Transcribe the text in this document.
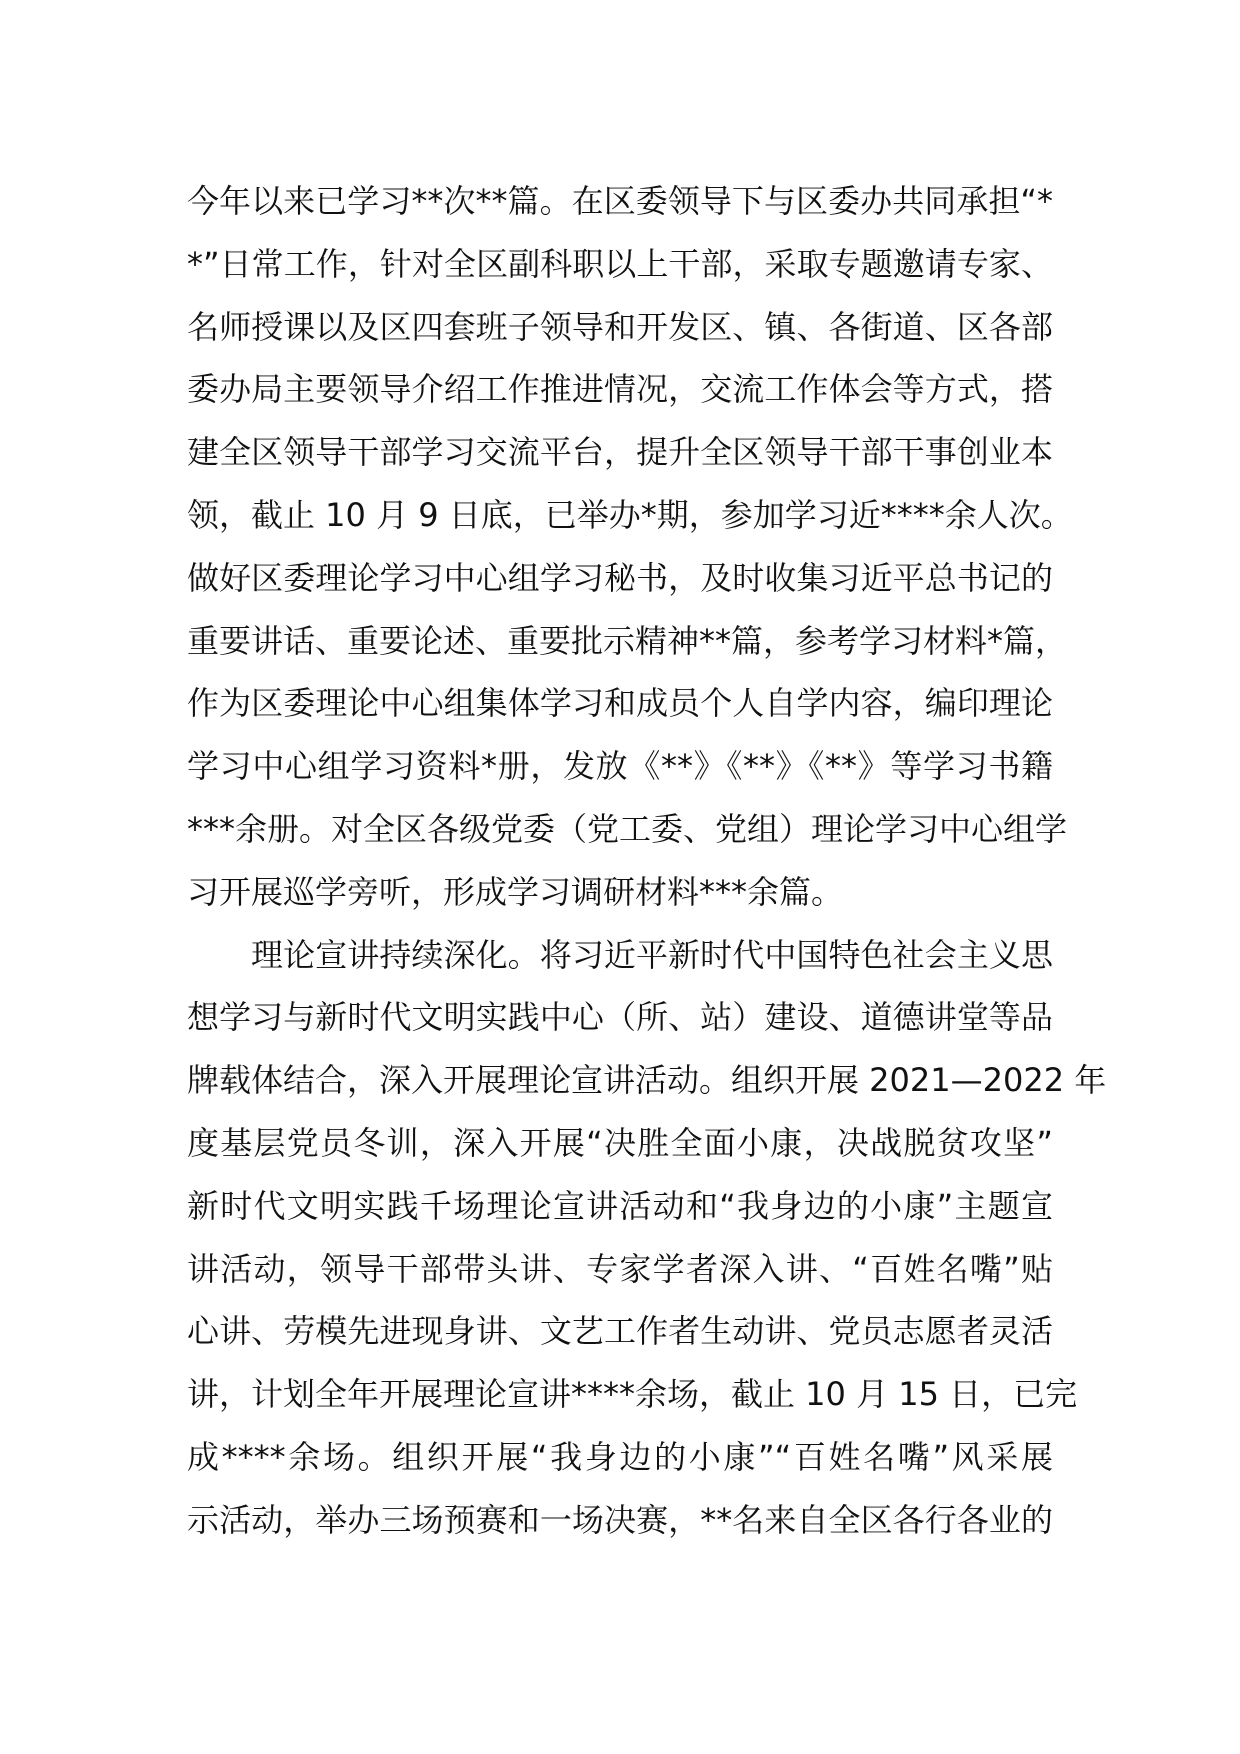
今年以来已学习**次**篇。在区委领导下与区委办共同承担“*
*”日常工作，针对全区副科职以上干部，采取专题邀请专家、
名师授课以及区四套班子领导和开发区、镇、各街道、区各部
委办局主要领导介绍工作推进情况，交流工作体会等方式，搭
建全区领导干部学习交流平台，提升全区领导干部干事创业本
领，截止 10 月 9 日底，已举办*期，参加学习近****余人次。
做好区委理论学习中心组学习秘书，及时收集习近平总书记的
重要讲话、重要论述、重要批示精神**篇，参考学习材料*篇，
作为区委理论中心组集体学习和成员个人自学内容，编印理论
学习中心组学习资料*册，发放《**》《**》《**》等学习书籍
***余册。对全区各级党委（党工委、党组）理论学习中心组学
习开展巡学旁听，形成学习调研材料***余篇。
理论宣讲持续深化。将习近平新时代中国特色社会主义思
想学习与新时代文明实践中心（所、站）建设、道德讲堂等品
牌载体结合，深入开展理论宣讲活动。组织开展 2021—2022 年
度基层党员冬训，深入开展“决胜全面小康，决战脱贫攻坚”
新时代文明实践千场理论宣讲活动和“我身边的小康”主题宣
讲活动，领导干部带头讲、专家学者深入讲、“百姓名嘴”贴
心讲、劳模先进现身讲、文艺工作者生动讲、党员志愿者灵活
讲，计划全年开展理论宣讲****余场，截止 10 月 15 日，已完
成****余场。组织开展“我身边的小康”“百姓名嘴”风采展
示活动，举办三场预赛和一场决赛，**名来自全区各行各业的
